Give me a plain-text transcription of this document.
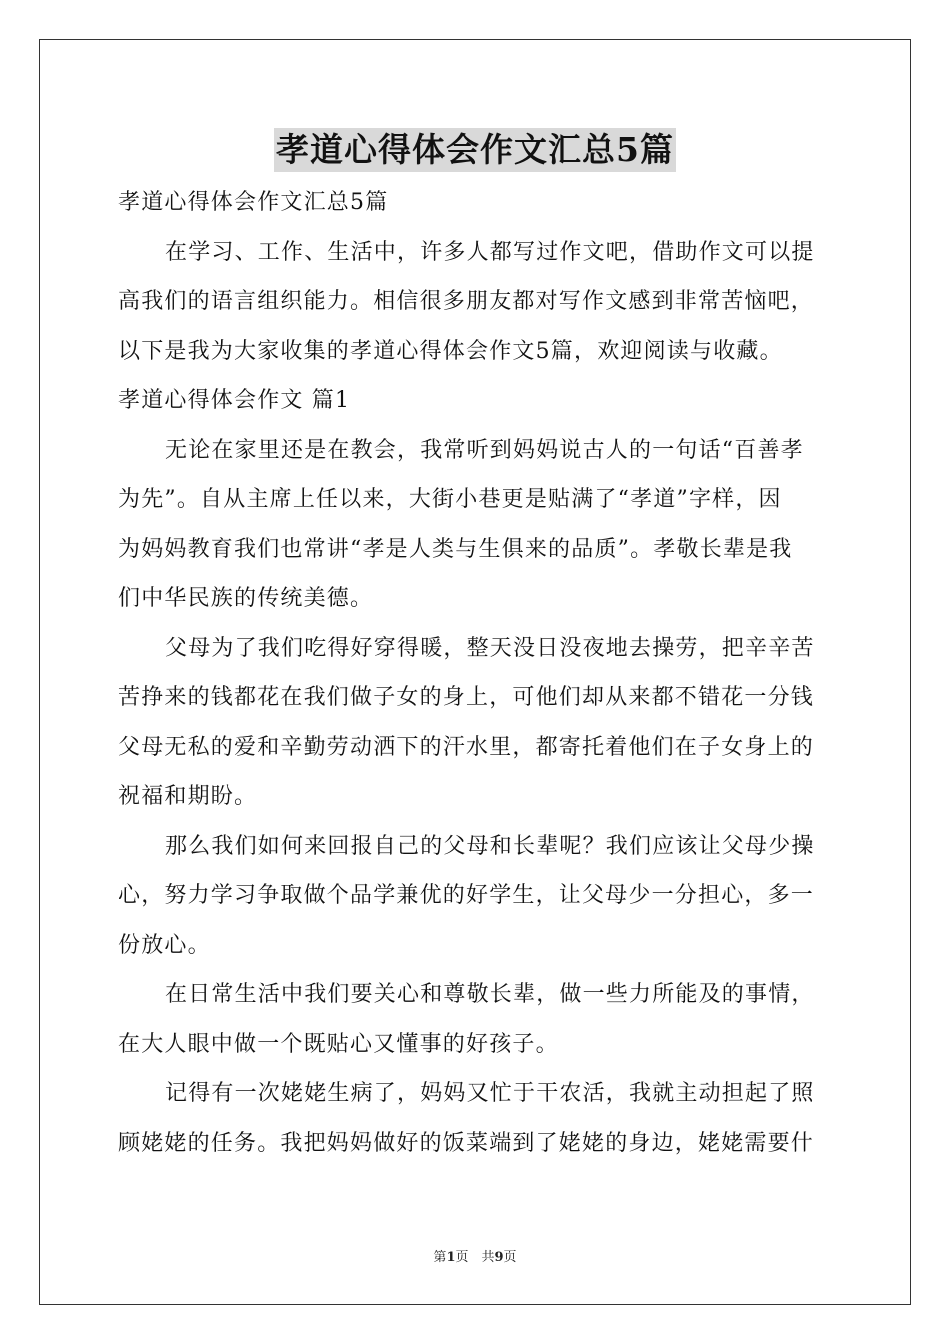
孝道心得体会作文汇总5篇
孝道心得体会作文汇总5篇
在学习、工作、生活中，许多人都写过作文吧，借助作文可以提
高我们的语言组织能力。相信很多朋友都对写作文感到非常苦恼吧，
以下是我为大家收集的孝道心得体会作文5篇，欢迎阅读与收藏。
孝道心得体会作文 篇1
无论在家里还是在教会，我常听到妈妈说古人的一句话“百善孝
为先”。自从主席上任以来，大街小巷更是贴满了“孝道”字样，因
为妈妈教育我们也常讲“孝是人类与生俱来的品质”。孝敬长辈是我
们中华民族的传统美德。
父母为了我们吃得好穿得暖，整天没日没夜地去操劳，把辛辛苦
苦挣来的钱都花在我们做子女的身上，可他们却从来都不错花一分钱
父母无私的爱和辛勤劳动洒下的汗水里，都寄托着他们在子女身上的
祝福和期盼。
那么我们如何来回报自己的父母和长辈呢？我们应该让父母少操
心，努力学习争取做个品学兼优的好学生，让父母少一分担心，多一
份放心。
在日常生活中我们要关心和尊敬长辈，做一些力所能及的事情，
在大人眼中做一个既贴心又懂事的好孩子。
记得有一次姥姥生病了，妈妈又忙于干农活，我就主动担起了照
顾姥姥的任务。我把妈妈做好的饭菜端到了姥姥的身边，姥姥需要什
第1页　共9页
